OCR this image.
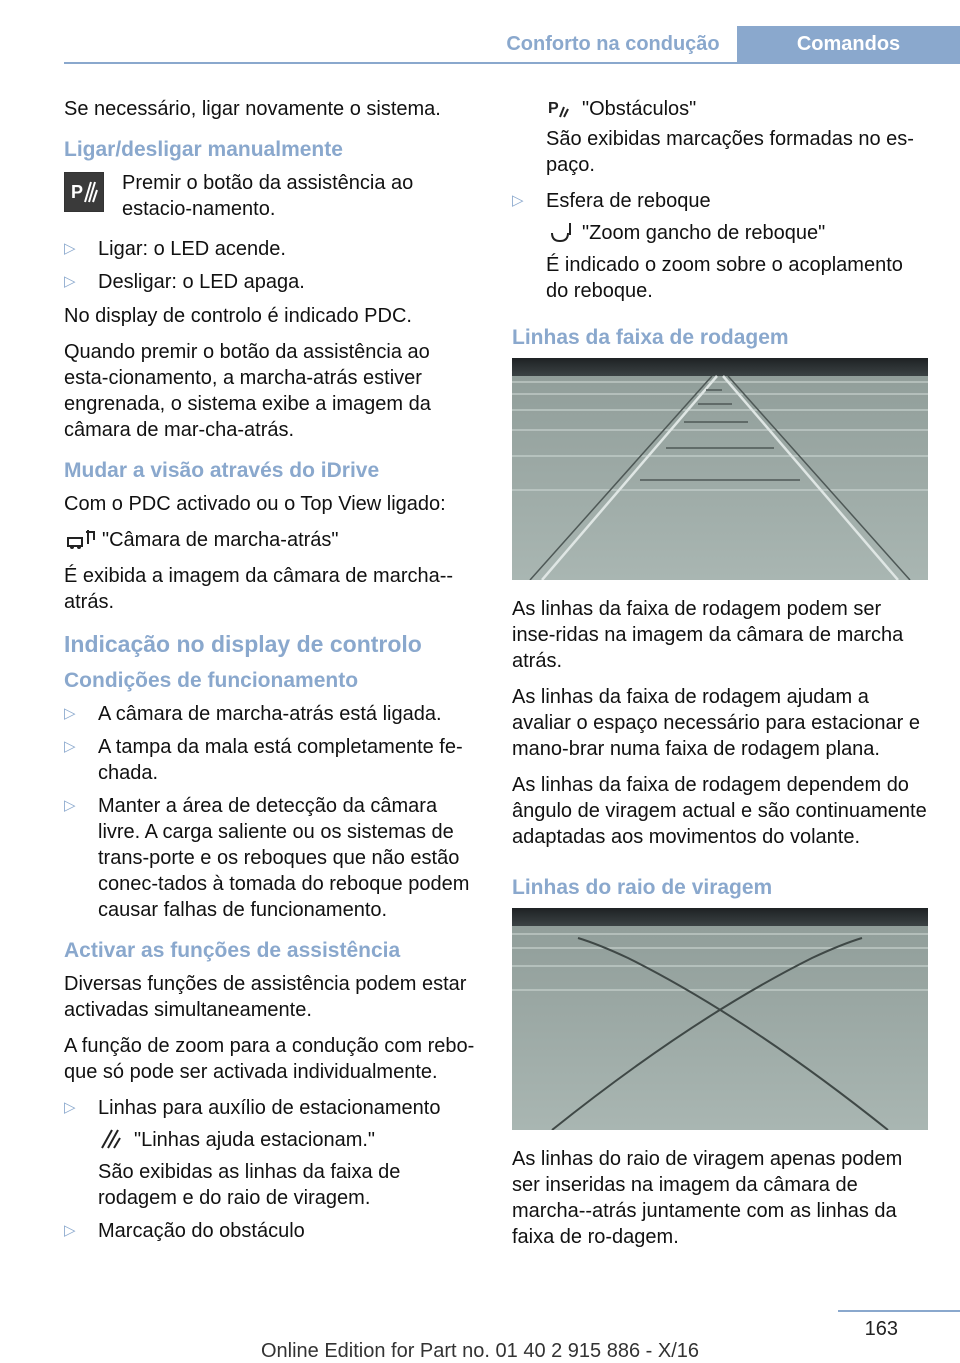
Conforto na condução	Comandos

Se necessário, ligar novamente o sistema.

Ligar/desligar manualmente
P Premir o botão da assistência ao estacio-namento.
▷ Ligar: o LED acende.
▷ Desligar: o LED apaga.

No display de controlo é indicado PDC.

Quando premir o botão da assistência ao esta-cionamento, a marcha-atrás estiver engrenada, o sistema exibe a imagem da câmara de mar-cha-atrás.

Mudar a visão através do iDrive

Com o PDC activado ou o Top View ligado:

"Câmara de marcha-atrás"

É exibida a imagem da câmara de marcha--atrás.

Indicação no display de controlo
Condições de funcionamento
▷ A câmara de marcha-atrás está ligada.
▷ A tampa da mala está completamente fe-chada.
▷ Manter a área de detecção da câmara livre. A carga saliente ou os sistemas de trans-porte e os reboques que não estão conec-tados à tomada do reboque podem causar falhas de funcionamento.
Activar as funções de assistência

Diversas funções de assistência podem estar activadas simultaneamente.

A função de zoom para a condução com rebo-que só pode ser activada individualmente.

▷ Linhas para auxílio de estacionamento
"Linhas ajuda estacionam."
São exibidas as linhas da faixa de rodagem e do raio de viragem.
▷ Marcação do obstáculo

P "Obstáculos"

São exibidas marcações formadas no es-paço.

▷ Esfera de reboque
"Zoom gancho de reboque"
É indicado o zoom sobre o acoplamento do reboque.
Linhas da faixa de rodagem

As linhas da faixa de rodagem podem ser inse-ridas na imagem da câmara de marcha atrás.

As linhas da faixa de rodagem ajudam a avaliar o espaço necessário para estacionar e mano-brar numa faixa de rodagem plana.

As linhas da faixa de rodagem dependem do ângulo de viragem actual e são continuamente adaptadas aos movimentos do volante.

Linhas do raio de viragem

As linhas do raio de viragem apenas podem ser inseridas na imagem da câmara de marcha--atrás juntamente com as linhas da faixa de ro-dagem.

163
Online Edition for Part no. 01 40 2 915 886 - X/16
